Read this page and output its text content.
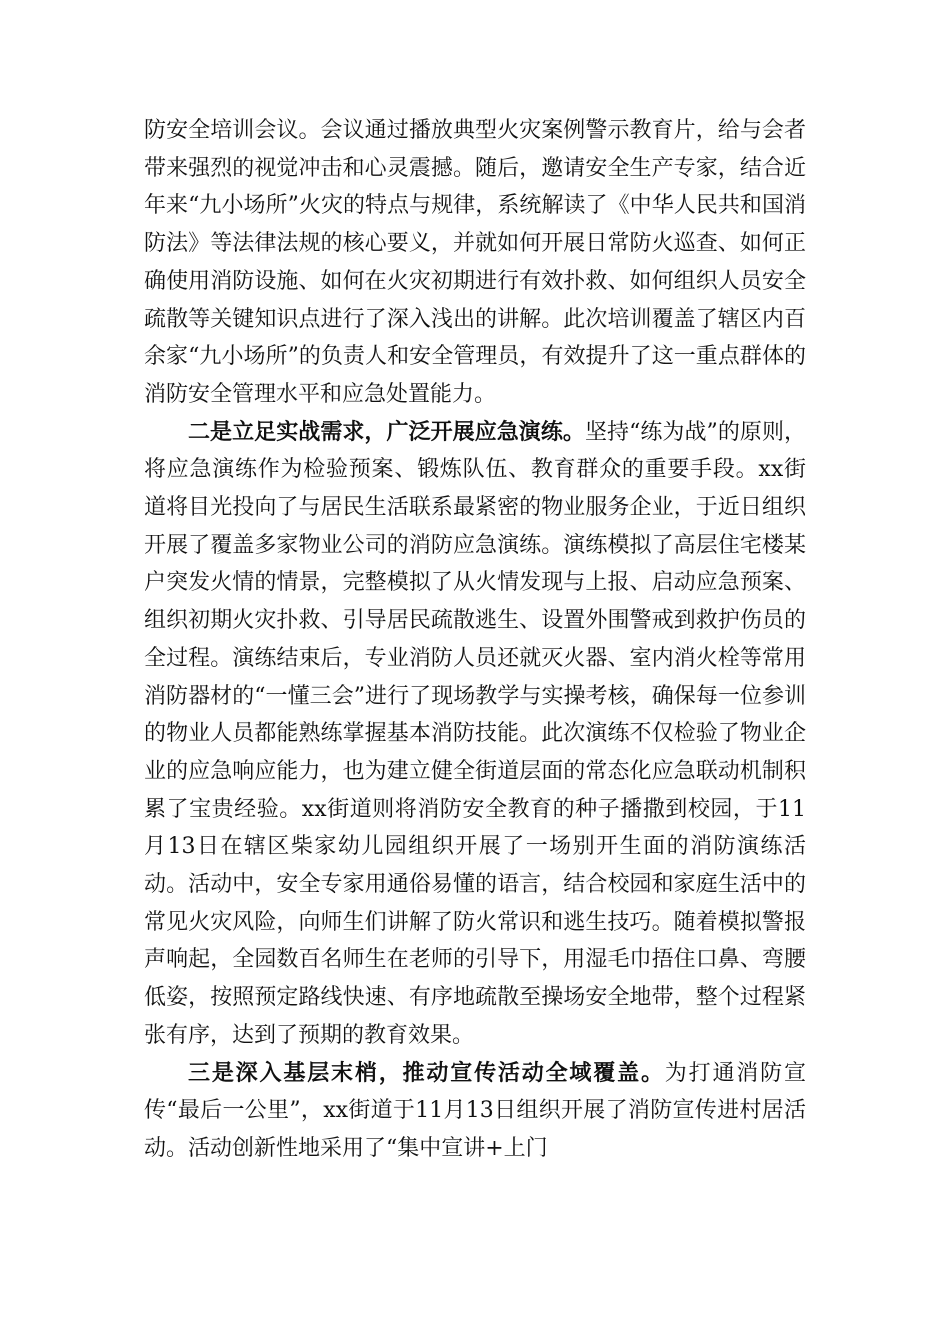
防安全培训会议。会议通过播放典型火灾案例警示教育片，给与会者带来强烈的视觉冲击和心灵震撼。随后，邀请安全生产专家，结合近年来“九小场所”火灾的特点与规律，系统解读了《中华人民共和国消防法》等法律法规的核心要义，并就如何开展日常防火巡查、如何正确使用消防设施、如何在火灾初期进行有效扑救、如何组织人员安全疏散等关键知识点进行了深入浅出的讲解。此次培训覆盖了辖区内百余家“九小场所”的负责人和安全管理员，有效提升了这一重点群体的消防安全管理水平和应急处置能力。

二是立足实战需求，广泛开展应急演练。坚持“练为战”的原则，将应急演练作为检验预案、锻炼队伍、教育群众的重要手段。xx街道将目光投向了与居民生活联系最紧密的物业服务企业，于近日组织开展了覆盖多家物业公司的消防应急演练。演练模拟了高层住宅楼某户突发火情的情景，完整模拟了从火情发现与上报、启动应急预案、组织初期火灾扑救、引导居民疏散逃生、设置外围警戒到救护伤员的全过程。演练结束后，专业消防人员还就灭火器、室内消火栓等常用消防器材的“一懂三会”进行了现场教学与实操考核，确保每一位参训的物业人员都能熟练掌握基本消防技能。此次演练不仅检验了物业企业的应急响应能力，也为建立健全街道层面的常态化应急联动机制积累了宝贵经验。xx街道则将消防安全教育的种子播撒到校园，于11月13日在辖区柴家幼儿园组织开展了一场别开生面的消防演练活动。活动中，安全专家用通俗易懂的语言，结合校园和家庭生活中的常见火灾风险，向师生们讲解了防火常识和逃生技巧。随着模拟警报声响起，全园数百名师生在老师的引导下，用湿毛巾捂住口鼻、弯腰低姿，按照预定路线快速、有序地疏散至操场安全地带，整个过程紧张有序，达到了预期的教育效果。

三是深入基层末梢，推动宣传活动全域覆盖。为打通消防宣传“最后一公里”，xx街道于11月13日组织开展了消防宣传进村居活动。活动创新性地采用了“集中宣讲+上门
